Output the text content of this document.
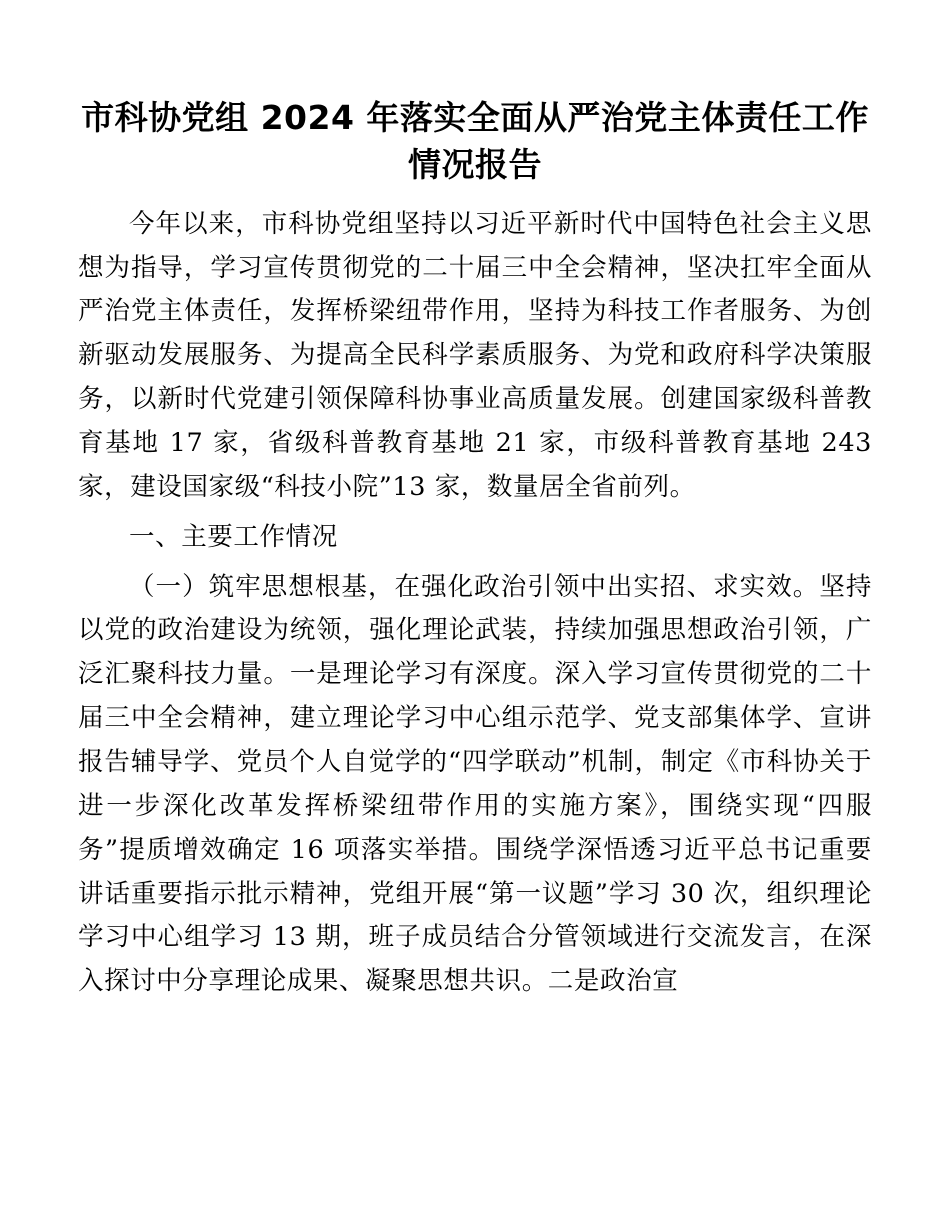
市科协党组 2024 年落实全面从严治党主体责任工作情况报告

今年以来，市科协党组坚持以习近平新时代中国特色社会主义思想为指导，学习宣传贯彻党的二十届三中全会精神，坚决扛牢全面从严治党主体责任，发挥桥梁纽带作用，坚持为科技工作者服务、为创新驱动发展服务、为提高全民科学素质服务、为党和政府科学决策服务，以新时代党建引领保障科协事业高质量发展。创建国家级科普教育基地 17 家，省级科普教育基地 21 家，市级科普教育基地 243 家，建设国家级“科技小院”13 家，数量居全省前列。

一、主要工作情况

（一）筑牢思想根基，在强化政治引领中出实招、求实效。坚持以党的政治建设为统领，强化理论武装，持续加强思想政治引领，广泛汇聚科技力量。一是理论学习有深度。深入学习宣传贯彻党的二十届三中全会精神，建立理论学习中心组示范学、党支部集体学、宣讲报告辅导学、党员个人自觉学的“四学联动”机制，制定《市科协关于进一步深化改革发挥桥梁纽带作用的实施方案》，围绕实现“四服务”提质增效确定 16 项落实举措。围绕学深悟透习近平总书记重要讲话重要指示批示精神，党组开展“第一议题”学习 30 次，组织理论学习中心组学习 13 期，班子成员结合分管领域进行交流发言，在深入探讨中分享理论成果、凝聚思想共识。二是政治宣
